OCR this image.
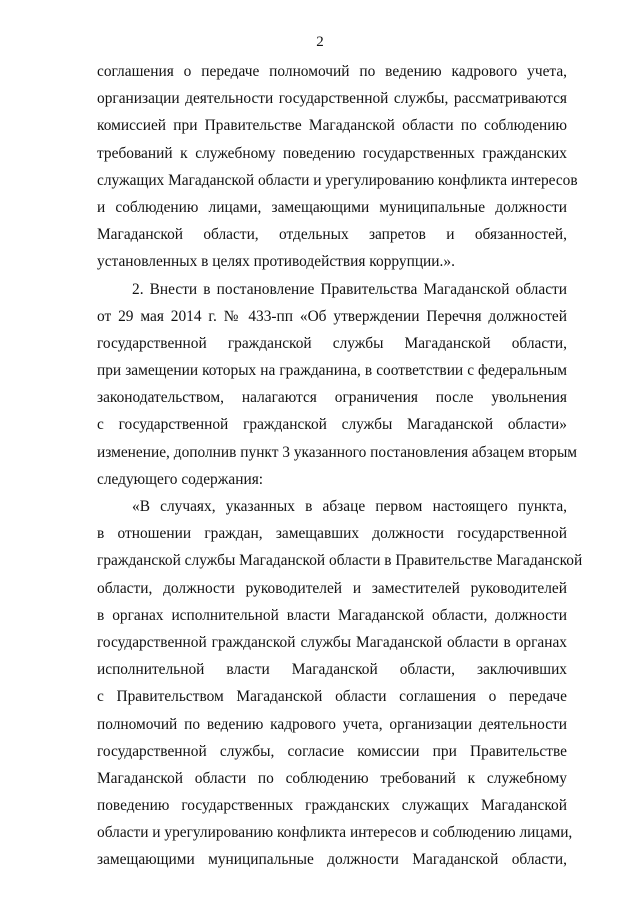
2
соглашения о передаче полномочий по ведению кадрового учета,
организации деятельности государственной службы, рассматриваются
комиссией при Правительстве Магаданской области по соблюдению
требований к служебному поведению государственных гражданских
служащих Магаданской области и урегулированию конфликта интересов
и соблюдению лицами, замещающими муниципальные должности
Магаданской области, отдельных запретов и обязанностей,
установленных в целях противодействия коррупции.».
2. Внести в постановление Правительства Магаданской области
от 29 мая 2014 г. № 433-пп «Об утверждении Перечня должностей
государственной гражданской службы Магаданской области,
при замещении которых на гражданина, в соответствии с федеральным
законодательством, налагаются ограничения после увольнения
с государственной гражданской службы Магаданской области»
изменение, дополнив пункт 3 указанного постановления абзацем вторым
следующего содержания:
«В случаях, указанных в абзаце первом настоящего пункта,
в отношении граждан, замещавших должности государственной
гражданской службы Магаданской области в Правительстве Магаданской
области, должности руководителей и заместителей руководителей
в органах исполнительной власти Магаданской области, должности
государственной гражданской службы Магаданской области в органах
исполнительной власти Магаданской области, заключивших
с Правительством Магаданской области соглашения о передаче
полномочий по ведению кадрового учета, организации деятельности
государственной службы, согласие комиссии при Правительстве
Магаданской области по соблюдению требований к служебному
поведению государственных гражданских служащих Магаданской
области и урегулированию конфликта интересов и соблюдению лицами,
замещающими муниципальные должности Магаданской области,
